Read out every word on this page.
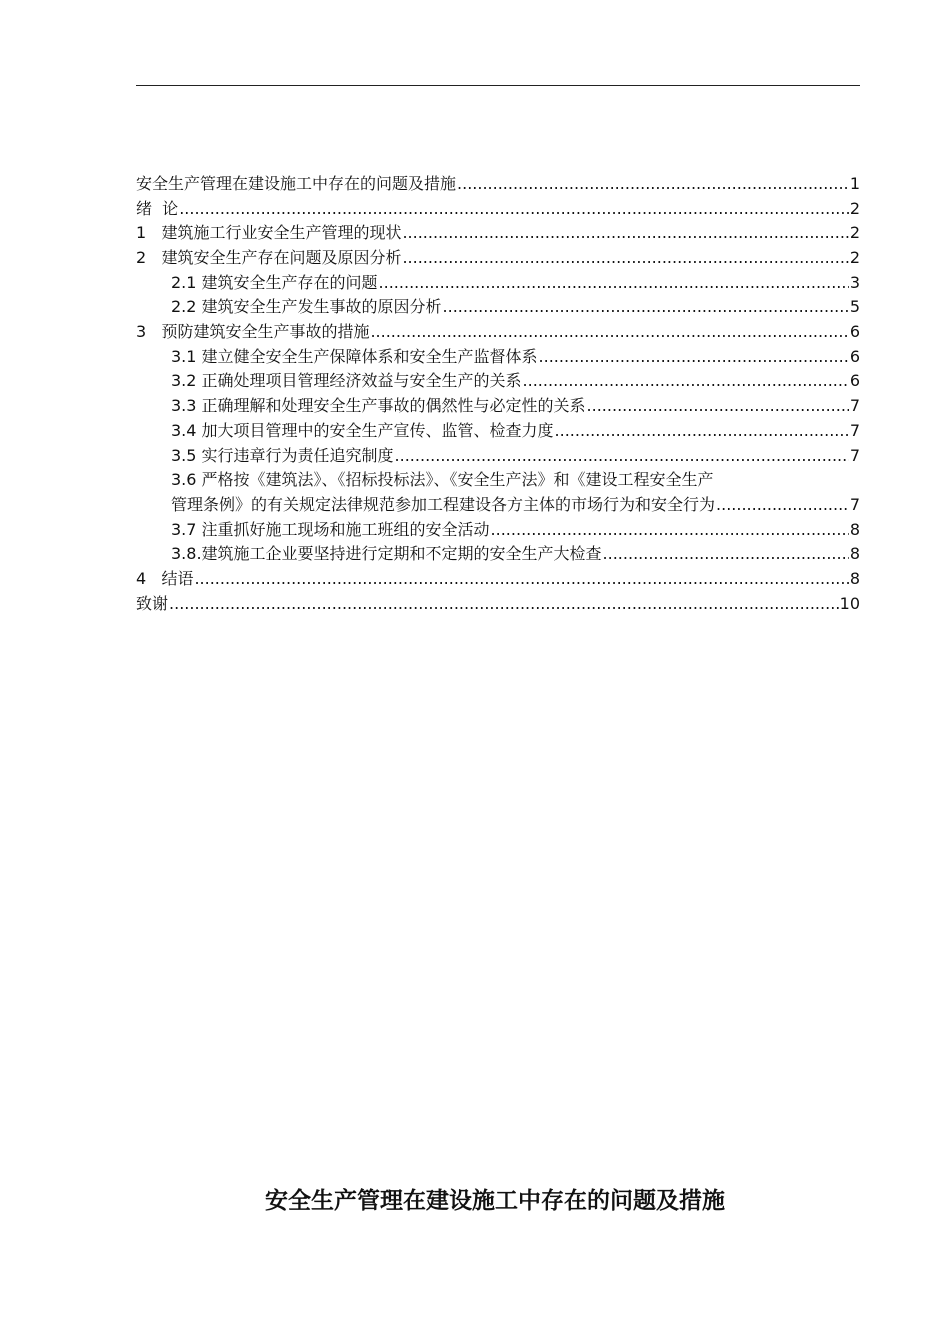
安全生产管理在建设施工中存在的问题及措施 .....	1
绪  论 .....	2
1   建筑施工行业安全生产管理的现状 .....	2
2   建筑安全生产存在问题及原因分析 .....	2
2.1 建筑安全生产存在的问题 .....	3
2.2 建筑安全生产发生事故的原因分析 .....	5
3   预防建筑安全生产事故的措施 .....	6
3.1 建立健全安全生产保障体系和安全生产监督体系 .....	6
3.2 正确处理项目管理经济效益与安全生产的关系 .....	6
3.3 正确理解和处理安全生产事故的偶然性与必定性的关系 .....	7
3.4 加大项目管理中的安全生产宣传、监管、检查力度 .....	7
3.5 实行违章行为责任追究制度 .....	7
3.6 严格按《建筑法》、《招标投标法》、《安全生产法》和《建设工程安全生产
管理条例》的有关规定法律规范参加工程建设各方主体的市场行为和安全行为 .....	7
3.7 注重抓好施工现场和施工班组的安全活动 .....	8
3.8.建筑施工企业要坚持进行定期和不定期的安全生产大检查 .....	8
4   结语 .....	8
致谢 .....	10
安全生产管理在建设施工中存在的问题及措施
